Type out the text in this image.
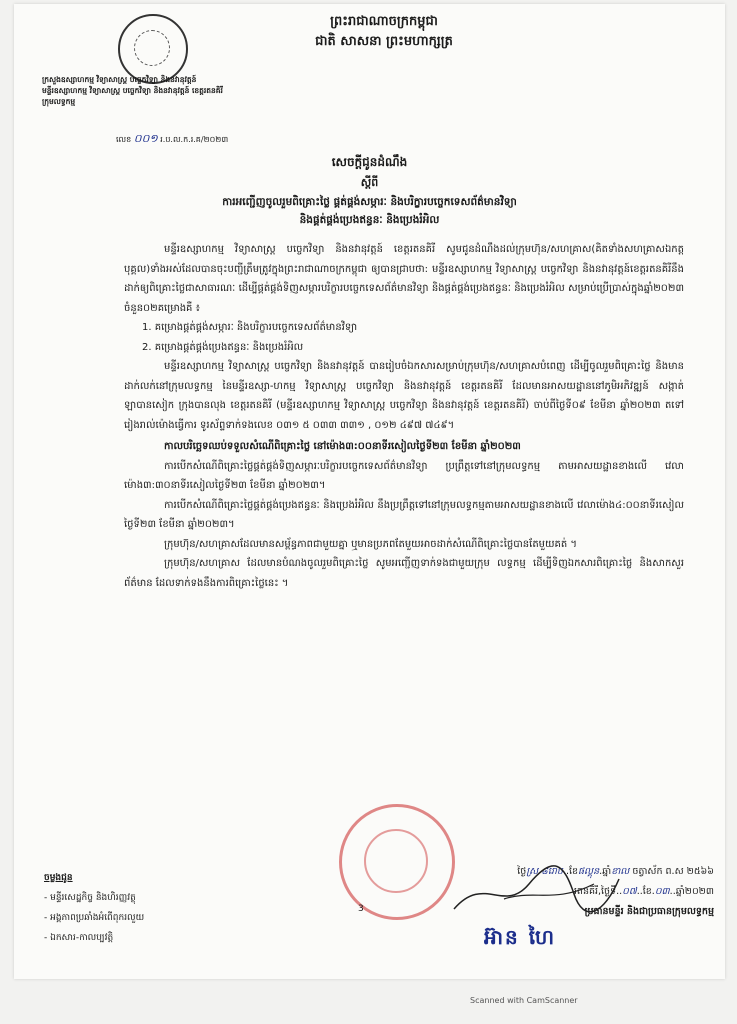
ព្រះរាជាណាចក្រកម្ពុជា
ជាតិ សាសនា ព្រះមហាក្សត្រ
ក្រសួងឧស្សាហកម្ម វិទ្យាសាស្ត្រ បច្ចេកវិទ្យា និងនវានុវត្តន៍
មន្ទីរឧស្សាហកម្ម វិទ្យាសាស្ត្រ បច្ចេកវិទ្យា និងនវានុវត្តន៍ ខេត្តរតនគិរី
ក្រុមលទ្ធកម្ម
លេខ ០០១ រ.ប.ល.ក.រ.គ/២០២៣
សេចក្ដីជូនដំណឹង
ស្ដីពី
ការអញ្ជើញចូលរួមពិគ្រោះថ្លៃ ផ្គត់ផ្គង់សម្ភារៈ និងបរិក្ខារបច្ចេកទេសព័ត៌មានវិទ្យា
និងផ្គត់ផ្គង់ប្រេងឥន្ធនៈ និងប្រេងរំអិល

មន្ទីរឧស្សាហកម្ម វិទ្យាសាស្ត្រ បច្ចេកវិទ្យា និងនវានុវត្តន៍ ខេត្តរតនគិរី សូមជូនដំណឹងដល់ក្រុមហ៊ុន/សហគ្រាស(គិតទាំងសហគ្រាសឯកត្តបុគ្គល)ទាំងអស់ដែលបានចុះបញ្ជីត្រឹមត្រូវក្នុងព្រះរាជាណាចក្រកម្ពុជា ឲ្យបានជ្រាបថា: មន្ទីរឧស្សាហកម្ម វិទ្យាសាស្ត្រ បច្ចេកវិទ្យា និងនវានុវត្តន៍ខេត្តរតនគិរីនឹងដាក់ឲ្យពិគ្រោះថ្លៃជាសាធារណៈ ដើម្បីផ្គត់ផ្គង់ទិញសម្ភារបរិក្ខារបច្ចេកទេសព័ត៌មានវិទ្យា និងផ្គត់ផ្គង់ប្រេងឥន្ធនៈ និងប្រេងរំអិល សម្រាប់ប្រើប្រាស់ក្នុងឆ្នាំ២០២៣ ចំនួន០២គម្រោងគឺ ៖

1. គម្រោងផ្គត់ផ្គង់សម្ភារៈ និងបរិក្ខារបច្ចេកទេសព័ត៌មានវិទ្យា

2. គម្រោងផ្គត់ផ្គង់ប្រេងឥន្ធនៈ និងប្រេងរំអិល

មន្ទីរឧស្សាហកម្ម វិទ្យាសាស្ត្រ បច្ចេកវិទ្យា និងនវានុវត្តន៍ បានរៀបចំឯកសារសម្រាប់ក្រុមហ៊ុន/សហគ្រាសបំពេញ ដើម្បីចូលរួមពិគ្រោះថ្លៃ និងមានដាក់លក់នៅក្រុមលទ្ធកម្ម នៃមន្ទីរឧស្សា-ហកម្ម វិទ្យាសាស្ត្រ បច្ចេកវិទ្យា និងនវានុវត្តន៍ ខេត្តរតនគិរី ដែលមានអាសយដ្ឋាននៅភូមិអភិវឌ្ឍន៍ សង្កាត់ឡាបានសៀក ក្រុងបានលុង ខេត្តរតនគិរី (មន្ទីរឧស្សាហកម្ម វិទ្យាសាស្ត្រ បច្ចេកវិទ្យា និងនវានុវត្តន៍ ខេត្តរតនគិរី) ចាប់ពីថ្ងៃទី០៩ ខែមីនា ឆ្នាំ២០២៣ តទៅរៀងរាល់ម៉ោងធ្វើការ ទូរស័ព្ទទាក់ទងលេខ ០៣១ ៥ ០៣៣ ៣៣១ , ០១២ ៤៩៧ ៧៤៩។

កាលបរិច្ឆេទឈប់ទទួលសំណើពិគ្រោះថ្លៃ នៅម៉ោង៣:០០នាទីរសៀលថ្ងៃទី២៣ ខែមីនា ឆ្នាំ២០២៣

ការបើកសំណើពិគ្រោះថ្លៃផ្គត់ផ្គង់ទិញសម្ភារៈបរិក្ខារបច្ចេកទេសព័ត៌មានវិទ្យា ប្រព្រឹត្តទៅនៅក្រុមលទ្ធកម្ម តាមអាសយដ្ឋានខាងលើ វេលាម៉ោង៣:៣០នាទីរសៀលថ្ងៃទី២៣ ខែមីនា ឆ្នាំ២០២៣។

ការបើកសំណើពិគ្រោះថ្លៃផ្គត់ផ្គង់ប្រេងឥន្ធនៈ និងប្រេងរំអិល នឹងប្រព្រឹត្តទៅនៅក្រុមលទ្ធកម្មតាមអាសយដ្ឋានខាងលើ វេលាម៉ោង៤:០០នាទីរសៀល ថ្ងៃទី២៣ ខែមីនា ឆ្នាំ២០២៣។

ក្រុមហ៊ុន/សហគ្រាសដែលមានសម្ព័ន្ធភាពជាមួយគ្នា ឬមានប្រភពតែមួយអាចដាក់សំណើពិគ្រោះថ្លៃបានតែមួយគត់ ។

ក្រុមហ៊ុន/សហគ្រាស ដែលមានបំណងចូលរួមពិគ្រោះថ្លៃ សូមអញ្ជើញទាក់ទងជាមួយក្រុម លទ្ធកម្ម ដើម្បីទិញឯកសារពិគ្រោះថ្លៃ និងសាកសួរព័ត៌មាន ដែលទាក់ទងនឹងការពិគ្រោះថ្លៃនេះ ។

ចម្លងជូន
- មន្ទីរសេដ្ឋកិច្ច និងហិរញ្ញវត្ថុ
- អង្គភាពប្រឆាំងអំពើពុករលួយ
- ឯកសារ-កាលប្បវត្តិ
ថ្ងៃស្រ ៨រោច..ខែផល្គុន.ឆ្នាំខាល ចត្វាស័ក ព.ស ២៥៦៦
រតនគិរី,ថ្ងៃទី..០៧..ខែ.០៣..ឆ្នាំ២០២៣
ប្រធានមន្ទីរ និងជាប្រធានក្រុមលទ្ធកម្ម
3
អ៊ាន ហៃ
Scanned with CamScanner
